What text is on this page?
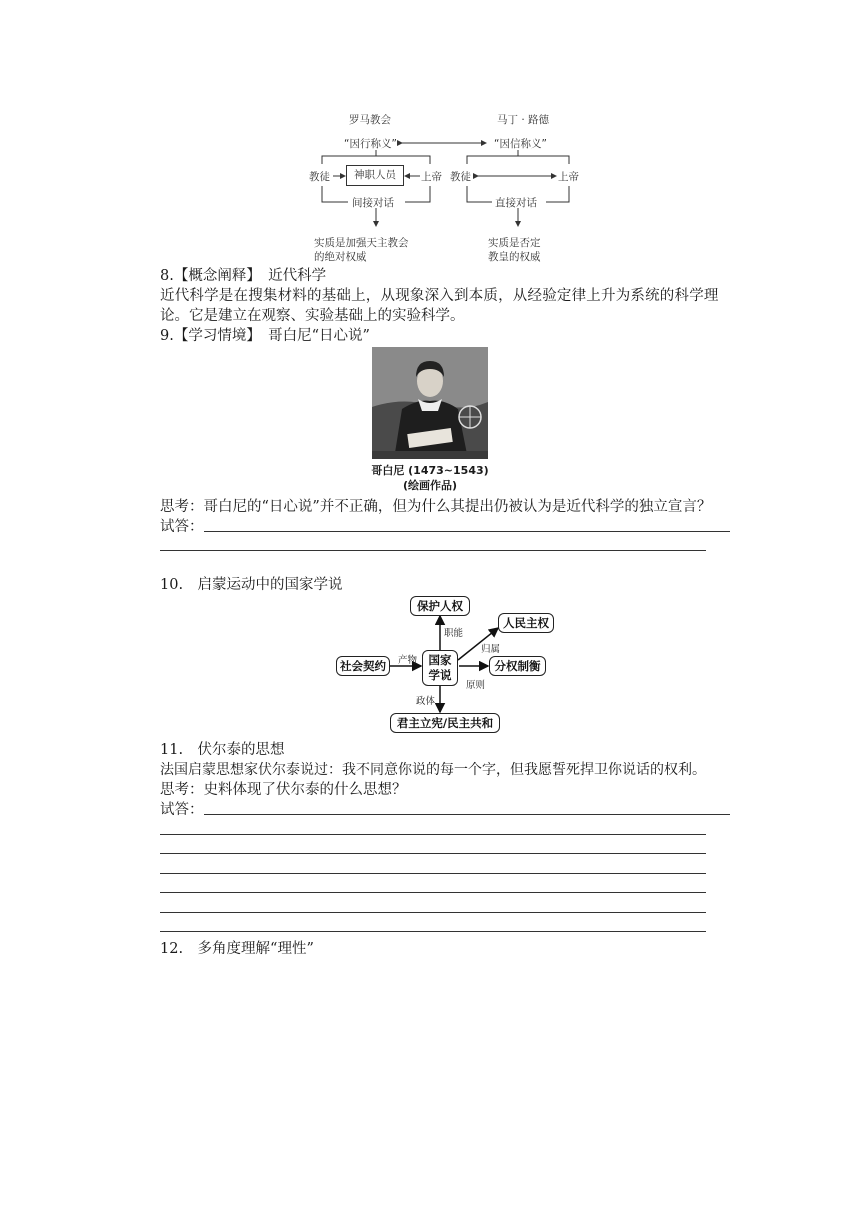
罗马教会	马丁 · 路德
“因行称义”	“因信称义”
教徒	神职人员	上帝 教徒	上帝
间接对话	直接对话
实质是加强天主教会
的绝对权威
实质是否定
教皇的权威
8.【概念阐释】　近代科学
近代科学是在搜集材料的基础上，从现象深入到本质，从经验定律上升为系统的科学理
论。它是建立在观察、实验基础上的实验科学。
9.【学习情境】　哥白尼“日心说”
哥白尼 (1473~1543)
(绘画作品)
思考：哥白尼的“日心说”并不正确，但为什么其提出仍被认为是近代科学的独立宣言？
试答：
10.　启蒙运动中的国家学说
保护人权
人民主权
社会契约	国家
学说
分权制衡
君主立宪/民主共和
职能
产物
归属
原则
政体
11.　伏尔泰的思想
法国启蒙思想家伏尔泰说过：我不同意你说的每一个字，但我愿誓死捍卫你说话的权利。
思考：史料体现了伏尔泰的什么思想？
试答：
12.　多角度理解“理性”
